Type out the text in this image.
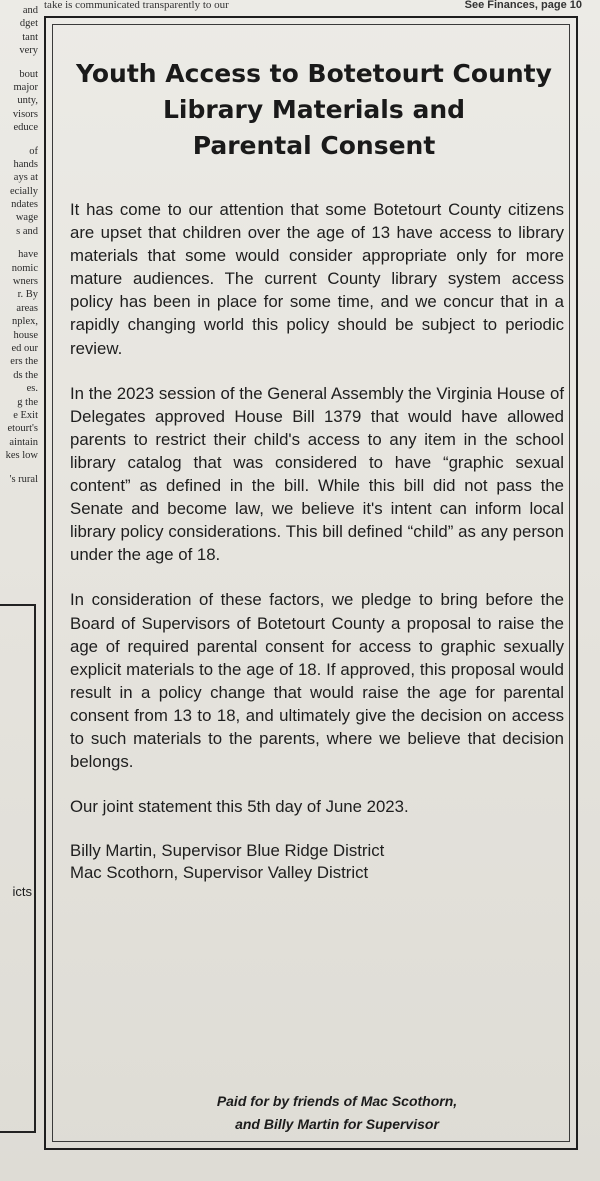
take is communicated transparently to our	See Finances, page 10
and
dget
tant
very
bout
major
unty,
visors
educe
of
hands
ays at
ecially
ndates
wage
s and
have
nomic
wners
r. By
areas
nplex,
house
ed our
ers the
ds the
es.
g the
e Exit
etourt's
aintain
kes low
's rural
icts
Youth Access to Botetourt County
Library Materials and
Parental Consent

It has come to our attention that some Botetourt County citizens are upset that children over the age of 13 have access to library materials that some would consider appropriate only for more mature audiences. The current County library system access policy has been in place for some time, and we concur that in a rapidly changing world this policy should be subject to periodic review.

In the 2023 session of the General Assembly the Virginia House of Delegates approved House Bill 1379 that would have allowed parents to restrict their child's access to any item in the school library catalog that was considered to have “graphic sexual content” as defined in the bill. While this bill did not pass the Senate and become law, we believe it's intent can inform local library policy considerations. This bill defined “child” as any person under the age of 18.

In consideration of these factors, we pledge to bring before the Board of Supervisors of Botetourt County a proposal to raise the age of required parental consent for access to graphic sexually explicit materials to the age of 18. If approved, this proposal would result in a policy change that would raise the age for parental consent from 13 to 18, and ultimately give the decision on access to such materials to the parents, where we believe that decision belongs.

Our joint statement this 5th day of June 2023.

Billy Martin, Supervisor Blue Ridge District

Mac Scothorn, Supervisor Valley District

Paid for by friends of Mac Scothorn,
and Billy Martin for Supervisor
